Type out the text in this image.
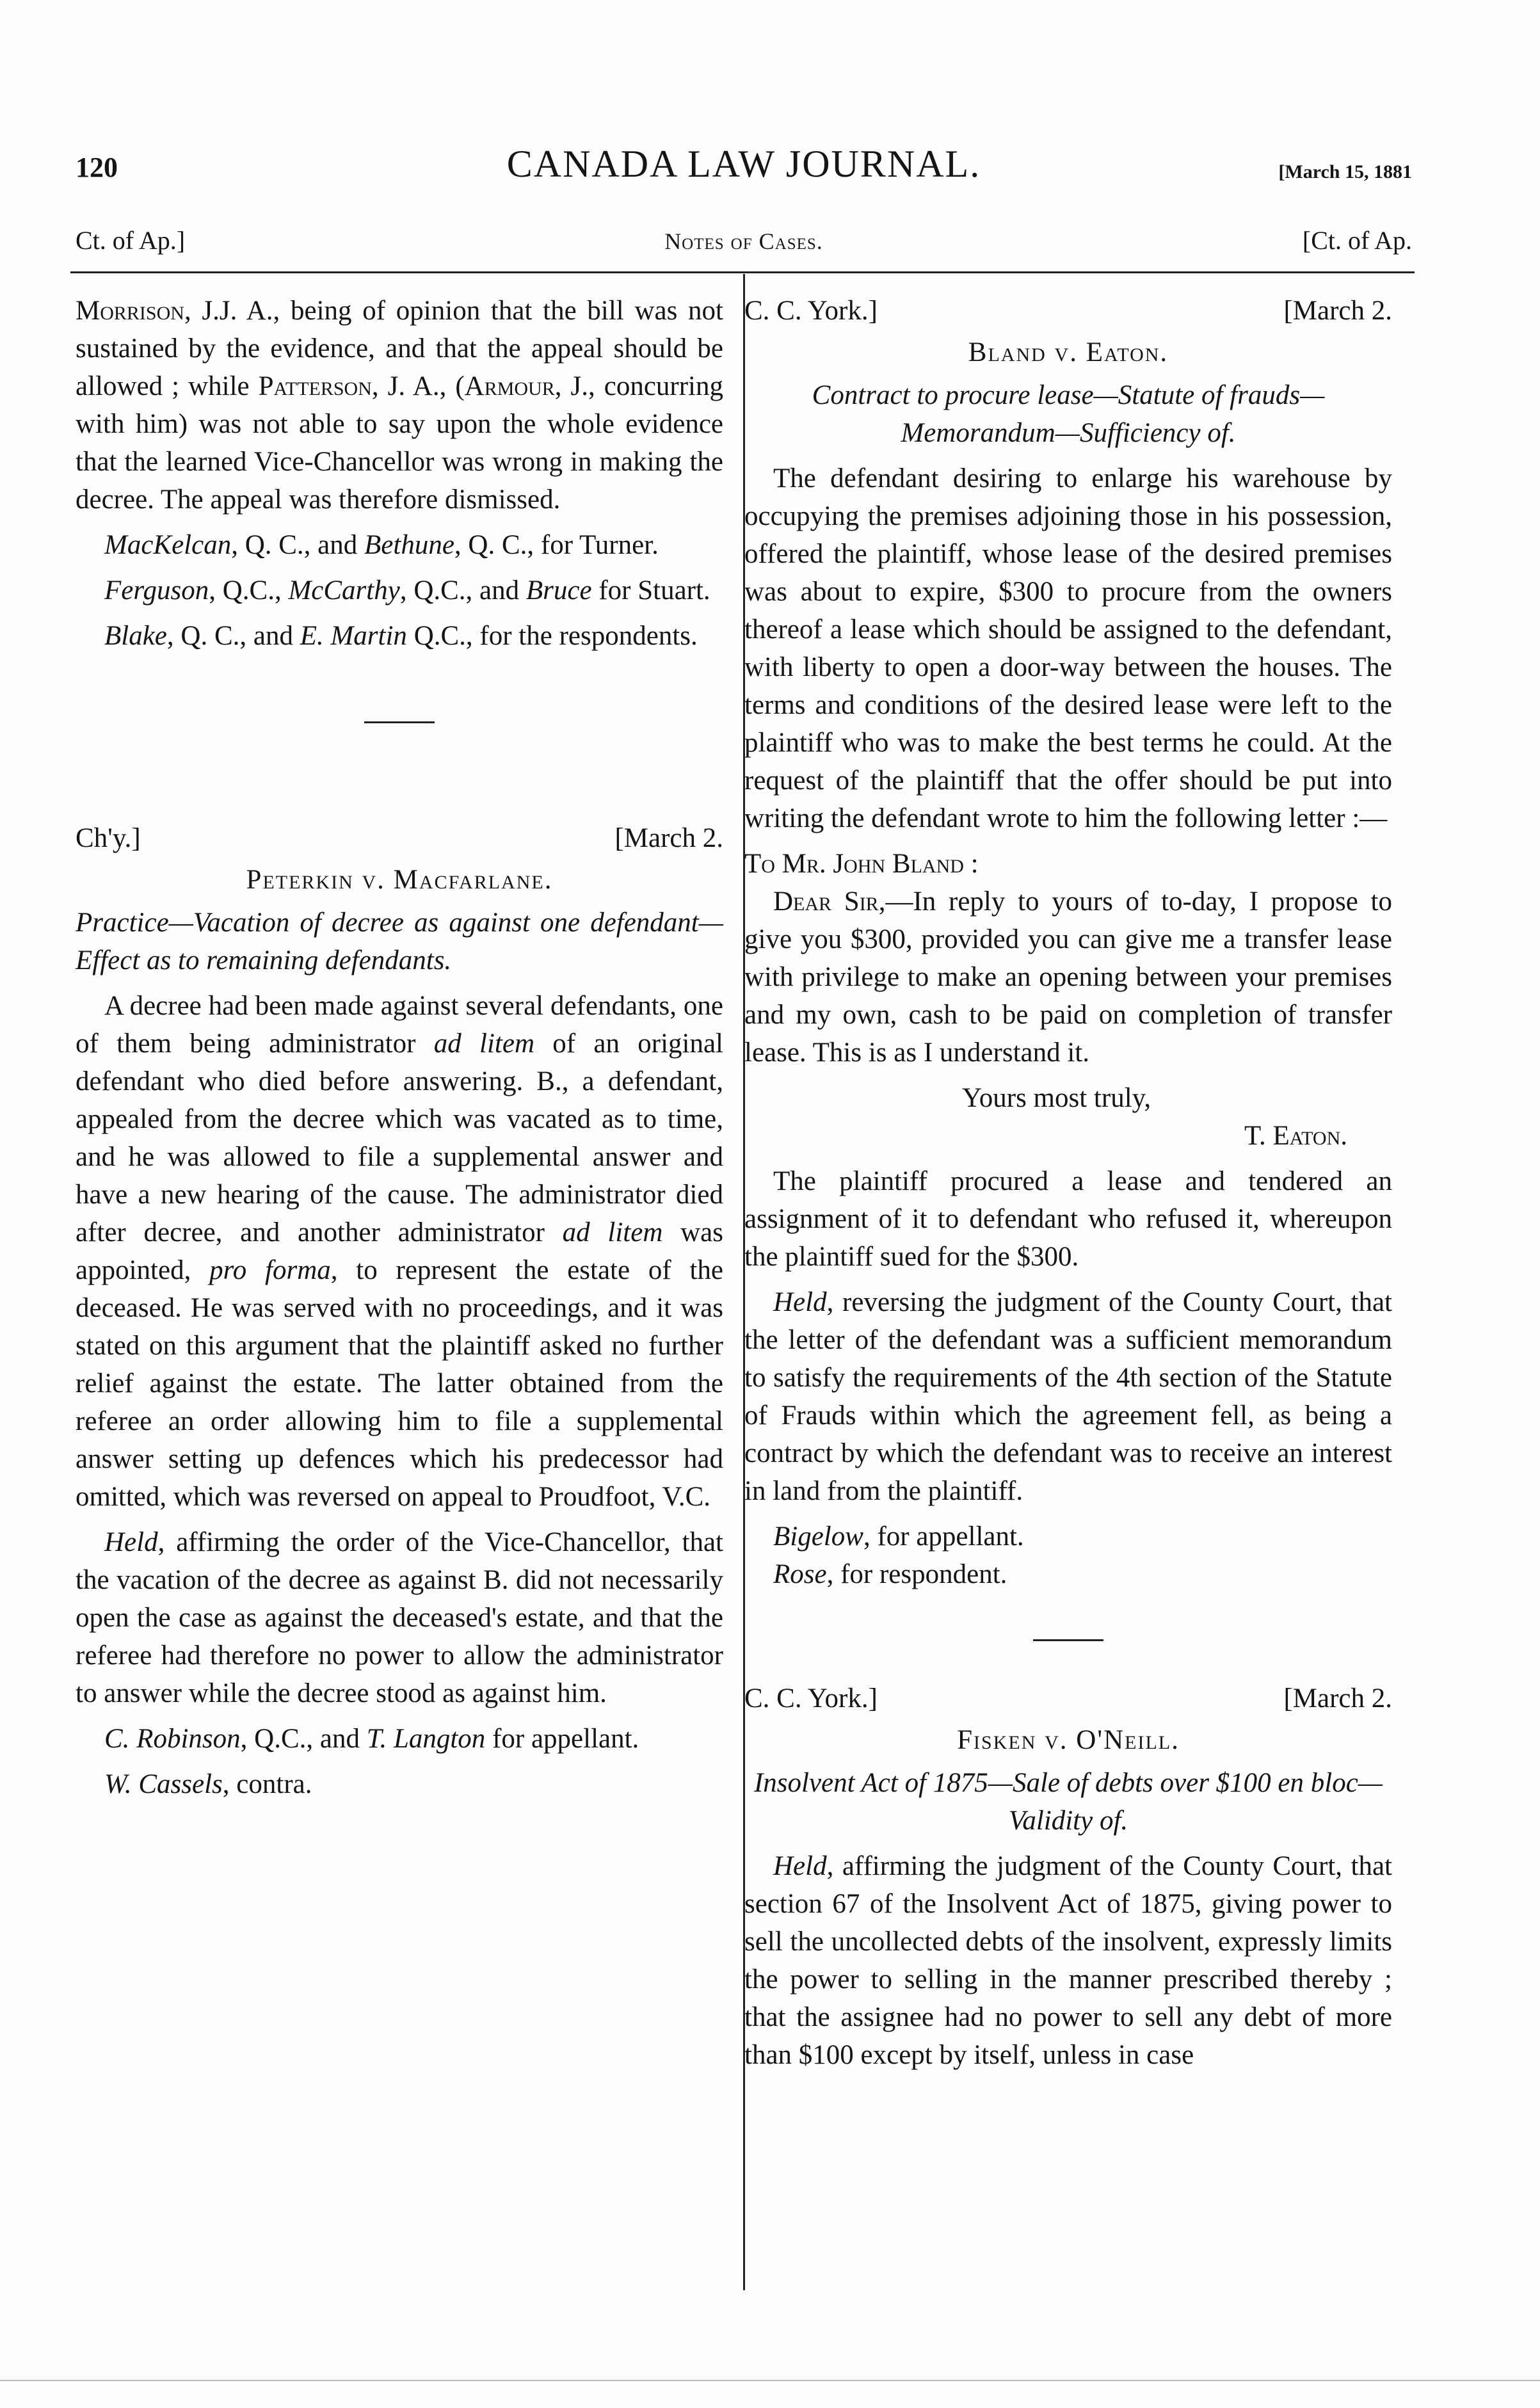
120	CANADA LAW JOURNAL.	[March 15, 1881
Ct. of Ap.]	Notes of Cases.	[Ct. of Ap.

Morrison, J.J. A., being of opinion that the bill was not sustained by the evidence, and that the appeal should be allowed ; while Patterson, J. A., (Armour, J., concurring with him) was not able to say upon the whole evidence that the learned Vice-Chancellor was wrong in making the decree. The appeal was therefore dismissed.

MacKelcan, Q. C., and Bethune, Q. C., for Turner.

Ferguson, Q.C., McCarthy, Q.C., and Bruce for Stuart.

Blake, Q. C., and E. Martin Q.C., for the respondents.

Ch'y.]	[March 2.
Peterkin v. Macfarlane.
Practice—Vacation of decree as against one defendant—Effect as to remaining defendants.

A decree had been made against several defendants, one of them being administrator ad litem of an original defendant who died before answering. B., a defendant, appealed from the decree which was vacated as to time, and he was allowed to file a supplemental answer and have a new hearing of the cause. The administrator died after decree, and another administrator ad litem was appointed, pro forma, to represent the estate of the deceased. He was served with no proceedings, and it was stated on this argument that the plaintiff asked no further relief against the estate. The latter obtained from the referee an order allowing him to file a supplemental answer setting up defences which his predecessor had omitted, which was reversed on appeal to Proudfoot, V.C.

Held, affirming the order of the Vice-Chancellor, that the vacation of the decree as against B. did not necessarily open the case as against the deceased's estate, and that the referee had therefore no power to allow the administrator to answer while the decree stood as against him.

C. Robinson, Q.C., and T. Langton for appellant.

W. Cassels, contra.

C. C. York.]	[March 2.
Bland v. Eaton.
Contract to procure lease—Statute of frauds—Memorandum—Sufficiency of.

The defendant desiring to enlarge his warehouse by occupying the premises adjoining those in his possession, offered the plaintiff, whose lease of the desired premises was about to expire, $300 to procure from the owners thereof a lease which should be assigned to the defendant, with liberty to open a door-way between the houses. The terms and conditions of the desired lease were left to the plaintiff who was to make the best terms he could. At the request of the plaintiff that the offer should be put into writing the defendant wrote to him the following letter :—

To Mr. John Bland :

Dear Sir,—In reply to yours of to-day, I propose to give you $300, provided you can give me a transfer lease with privilege to make an opening between your premises and my own, cash to be paid on completion of transfer lease. This is as I understand it.

Yours most truly,

T. Eaton.

The plaintiff procured a lease and tendered an assignment of it to defendant who refused it, whereupon the plaintiff sued for the $300.

Held, reversing the judgment of the County Court, that the letter of the defendant was a sufficient memorandum to satisfy the requirements of the 4th section of the Statute of Frauds within which the agreement fell, as being a contract by which the defendant was to receive an interest in land from the plaintiff.

Bigelow, for appellant.

Rose, for respondent.

C. C. York.]	[March 2.
Fisken v. O'Neill.
Insolvent Act of 1875—Sale of debts over $100 en bloc—Validity of.

Held, affirming the judgment of the County Court, that section 67 of the Insolvent Act of 1875, giving power to sell the uncollected debts of the insolvent, expressly limits the power to selling in the manner prescribed thereby ; that the assignee had no power to sell any debt of more than $100 except by itself, unless in case
